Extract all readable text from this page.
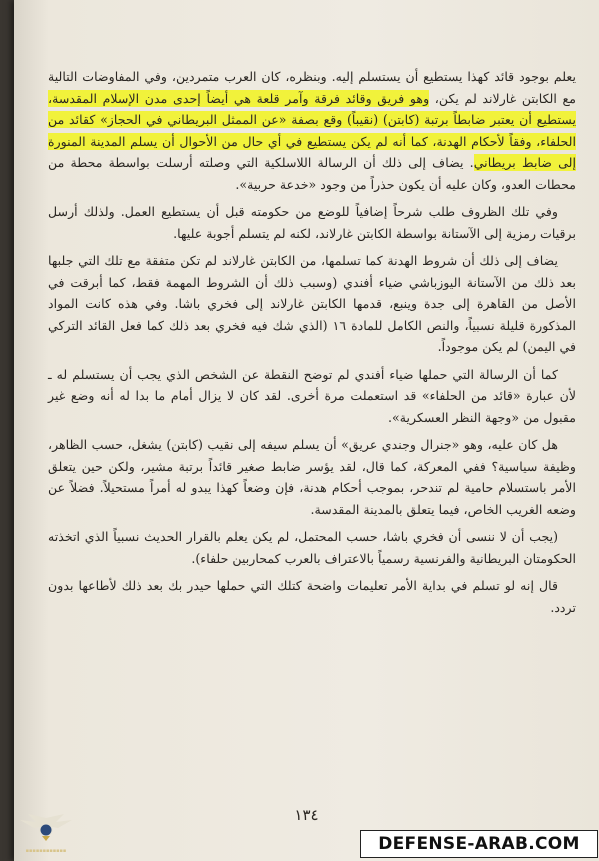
يعلم بوجود قائد كهذا يستطيع أن يستسلم إليه. وبنظره، كان العرب متمردين، وفي المفاوضات التالية مع الكابتن غارلاند لم يكن، وهو فريق وقائد فرقة وآمر قلعة هي أيضاً إحدى مدن الإسلام المقدسة، يستطيع أن يعتبر ضابطاً برتبة (كابتن) (نقيباً) وقع بصفة «عن الممثل البريطاني في الحجاز» كقائد من الحلفاء، وفقاً لأحكام الهدنة، كما أنه لم يكن يستطيع في أي حال من الأحوال أن يسلم المدينة المنورة إلى ضابط بريطاني. يضاف إلى ذلك أن الرسالة اللاسلكية التي وصلته أرسلت بواسطة محطة من محطات العدو، وكان عليه أن يكون حذراً من وجود «خدعة حربية».

وفي تلك الظروف طلب شرحاً إضافياً للوضع من حكومته قبل أن يستطيع العمل. ولذلك أرسل برقيات رمزية إلى الآستانة بواسطة الكابتن غارلاند، لكنه لم يتسلم أجوبة عليها.

يضاف إلى ذلك أن شروط الهدنة كما تسلمها، من الكابتن غارلاند لم تكن متفقة مع تلك التي جلبها بعد ذلك من الآستانة اليوزباشي ضياء أفندي (وسبب ذلك أن الشروط المهمة فقط، كما أبرقت في الأصل من القاهرة إلى جدة وينبع، قدمها الكابتن غارلاند إلى فخري باشا. وفي هذه كانت المواد المذكورة قليلة نسبياً، والنص الكامل للمادة ١٦ (الذي شك فيه فخري بعد ذلك كما فعل القائد التركي في اليمن) لم يكن موجوداً.

كما أن الرسالة التي حملها ضياء أفندي لم توضح النقطة عن الشخص الذي يجب أن يستسلم له ـ لأن عبارة «قائد من الحلفاء» قد استعملت مرة أخرى. لقد كان لا يزال أمام ما بدا له أنه وضع غير مقبول من «وجهة النظر العسكرية».

هل كان عليه، وهو «جنرال وجندي عريق» أن يسلم سيفه إلى نقيب (كابتن) يشغل، حسب الظاهر، وظيفة سياسية؟ ففي المعركة، كما قال، لقد يؤسر ضابط صغير قائداً برتبة مشير، ولكن حين يتعلق الأمر باستسلام حامية لم تندحر، بموجب أحكام هدنة، فإن وضعاً كهذا يبدو له أمراً مستحيلاً. فضلاً عن وضعه الغريب الخاص، فيما يتعلق بالمدينة المقدسة.

(يجب أن لا ننسى أن فخري باشا، حسب المحتمل، لم يكن يعلم بالقرار الحديث نسبياً الذي اتخذته الحكومتان البريطانية والفرنسية رسمياً بالاعتراف بالعرب كمحاربين حلفاء).

قال إنه لو تسلم في بداية الأمر تعليمات واضحة كتلك التي حملها حيدر بك بعد ذلك لأطاعها بدون تردد.

١٣٤
▪▪▪▪▪▪▪▪▪▪▪▪	DEFENSE-ARAB.COM
